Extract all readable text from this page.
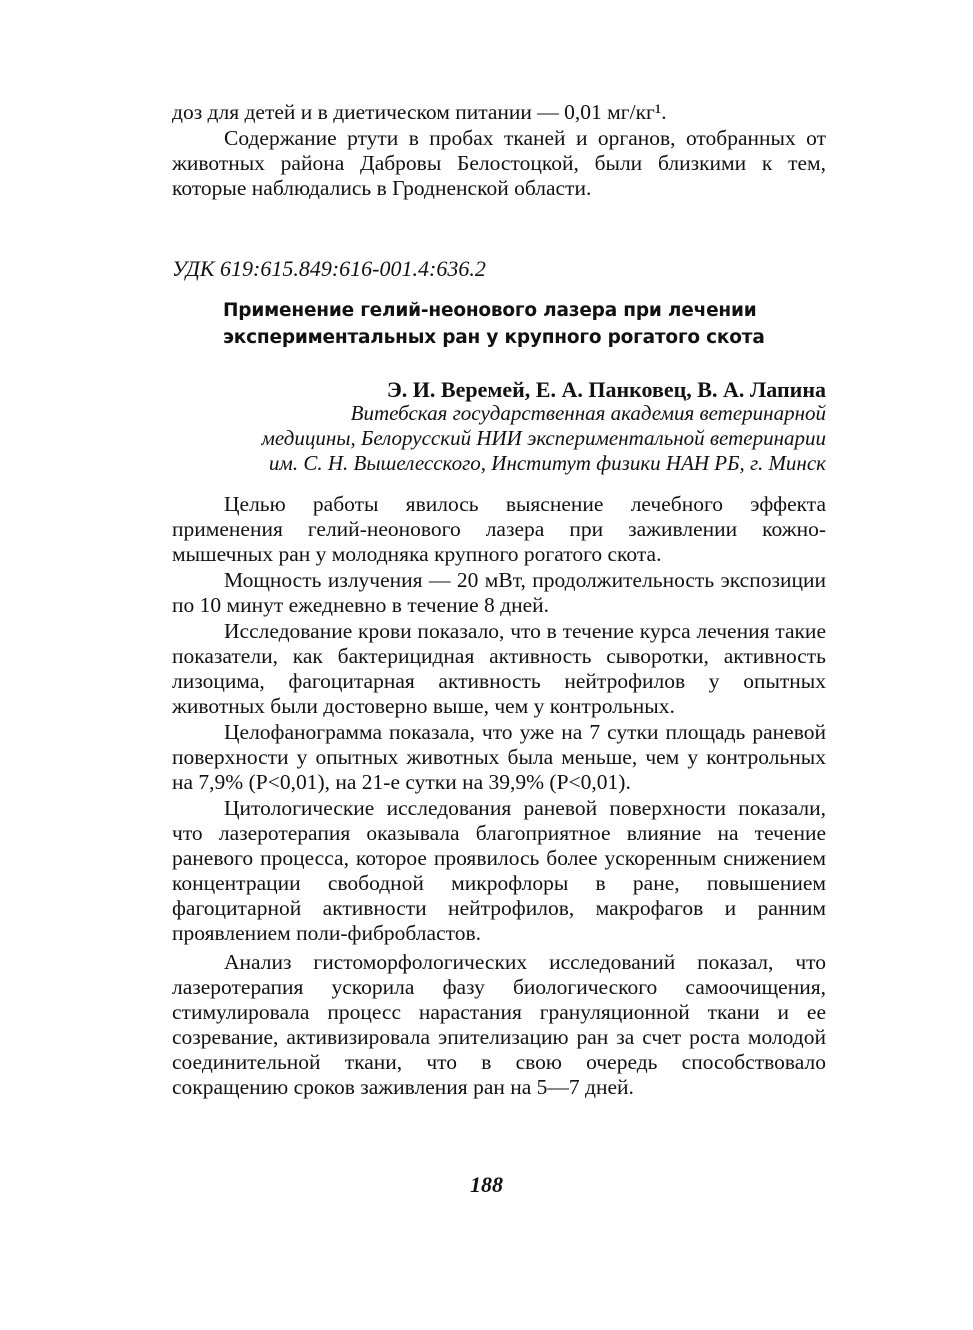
доз для детей и в диетическом питании — 0,01 мг/кг¹.

Содержание ртути в пробах тканей и органов, отобранных от животных района Дабровы Белостоцкой, были близкими к тем, которые наблюдались в Гродненской области.

УДК 619:615.849:616-001.4:636.2
Применение гелий-неонового лазера при лечении
экспериментальных ран у крупного рогатого скота
Э. И. Веремей, Е. А. Панковец, В. А. Лапина
Витебская государственная академия ветеринарной
медицины, Белорусский НИИ экспериментальной ветеринарии
им. С. Н. Вышелесского, Институт физики НАН РБ, г. Минск

Целью работы явилось выяснение лечебного эффекта применения гелий-неонового лазера при заживлении кожно-мышечных ран у молодняка крупного рогатого скота.

Мощность излучения — 20 мВт, продолжительность экспозиции по 10 минут ежедневно в течение 8 дней.

Исследование крови показало, что в течение курса лечения такие показатели, как бактерицидная активность сыворотки, активность лизоцима, фагоцитарная активность нейтрофилов у опытных животных были достоверно выше, чем у контрольных.

Целофанограмма показала, что уже на 7 сутки площадь раневой поверхности у опытных животных была меньше, чем у контрольных на 7,9% (P<0,01), на 21-е сутки на 39,9% (P<0,01).

Цитологические исследования раневой поверхности показали, что лазеротерапия оказывала благоприятное влияние на течение раневого процесса, которое проявилось более ускоренным снижением концентрации свободной микрофлоры в ране, повышением фагоцитарной активности нейтрофилов, макрофагов и ранним проявлением поли-фибробластов.

Анализ гистоморфологических исследований показал, что лазеротерапия ускорила фазу биологического самоочищения, стимулировала процесс нарастания грануляционной ткани и ее созревание, активизировала эпителизацию ран за счет роста молодой соединительной ткани, что в свою очередь способствовало сокращению сроков заживления ран на 5—7 дней.

188
